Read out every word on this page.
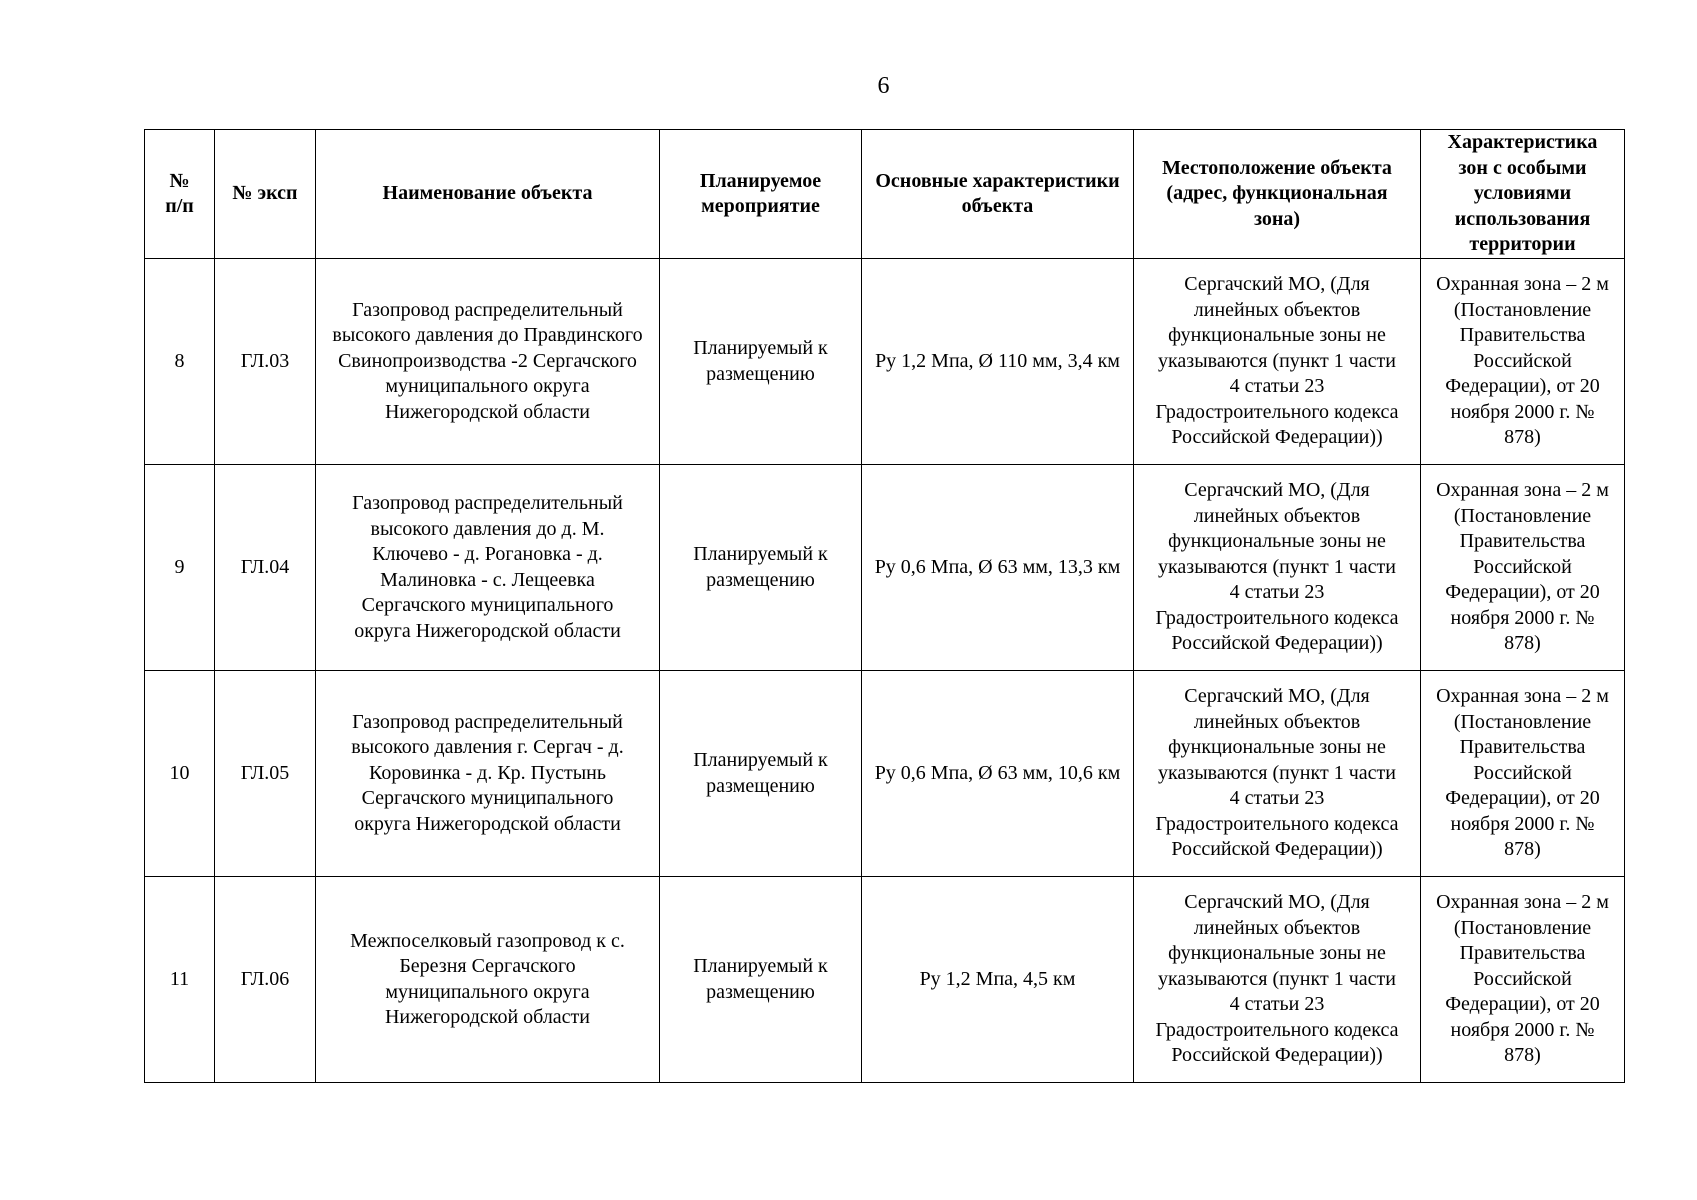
6
№ п/п	№ эксп	Наименование объекта	Планируемое мероприятие	Основные характеристики объекта	Местоположение объекта (адрес, функциональная зона)	Характеристика зон с особыми условиями использования территории
8	ГЛ.03	Газопровод распределительный высокого давления до Правдинского Свинопроизводства -2 Сергачского муниципального округа Нижегородской области	Планируемый к размещению	Ру 1,2 Мпа, Ø 110 мм, 3,4 км	Сергачский МО, (Для линейных объектов функциональные зоны не указываются (пункт 1 части 4 статьи 23 Градостроительного кодекса Российской Федерации))	Охранная зона – 2 м (Постановление Правительства Российской Федерации), от 20 ноября 2000 г. № 878)
9	ГЛ.04	Газопровод распределительный высокого давления до д. М. Ключево - д. Рогановка - д. Малиновка - с. Лещеевка Сергачского муниципального округа Нижегородской области	Планируемый к размещению	Ру 0,6 Мпа, Ø 63 мм, 13,3 км	Сергачский МО, (Для линейных объектов функциональные зоны не указываются (пункт 1 части 4 статьи 23 Градостроительного кодекса Российской Федерации))	Охранная зона – 2 м (Постановление Правительства Российской Федерации), от 20 ноября 2000 г. № 878)
10	ГЛ.05	Газопровод распределительный высокого давления г. Сергач - д. Коровинка - д. Кр. Пустынь Сергачского муниципального округа Нижегородской области	Планируемый к размещению	Ру 0,6 Мпа, Ø 63 мм, 10,6 км	Сергачский МО, (Для линейных объектов функциональные зоны не указываются (пункт 1 части 4 статьи 23 Градостроительного кодекса Российской Федерации))	Охранная зона – 2 м (Постановление Правительства Российской Федерации), от 20 ноября 2000 г. № 878)
11	ГЛ.06	Межпоселковый газопровод к с. Березня Сергачского муниципального округа Нижегородской области	Планируемый к размещению	Ру 1,2 Мпа, 4,5 км	Сергачский МО, (Для линейных объектов функциональные зоны не указываются (пункт 1 части 4 статьи 23 Градостроительного кодекса Российской Федерации))	Охранная зона – 2 м (Постановление Правительства Российской Федерации), от 20 ноября 2000 г. № 878)
